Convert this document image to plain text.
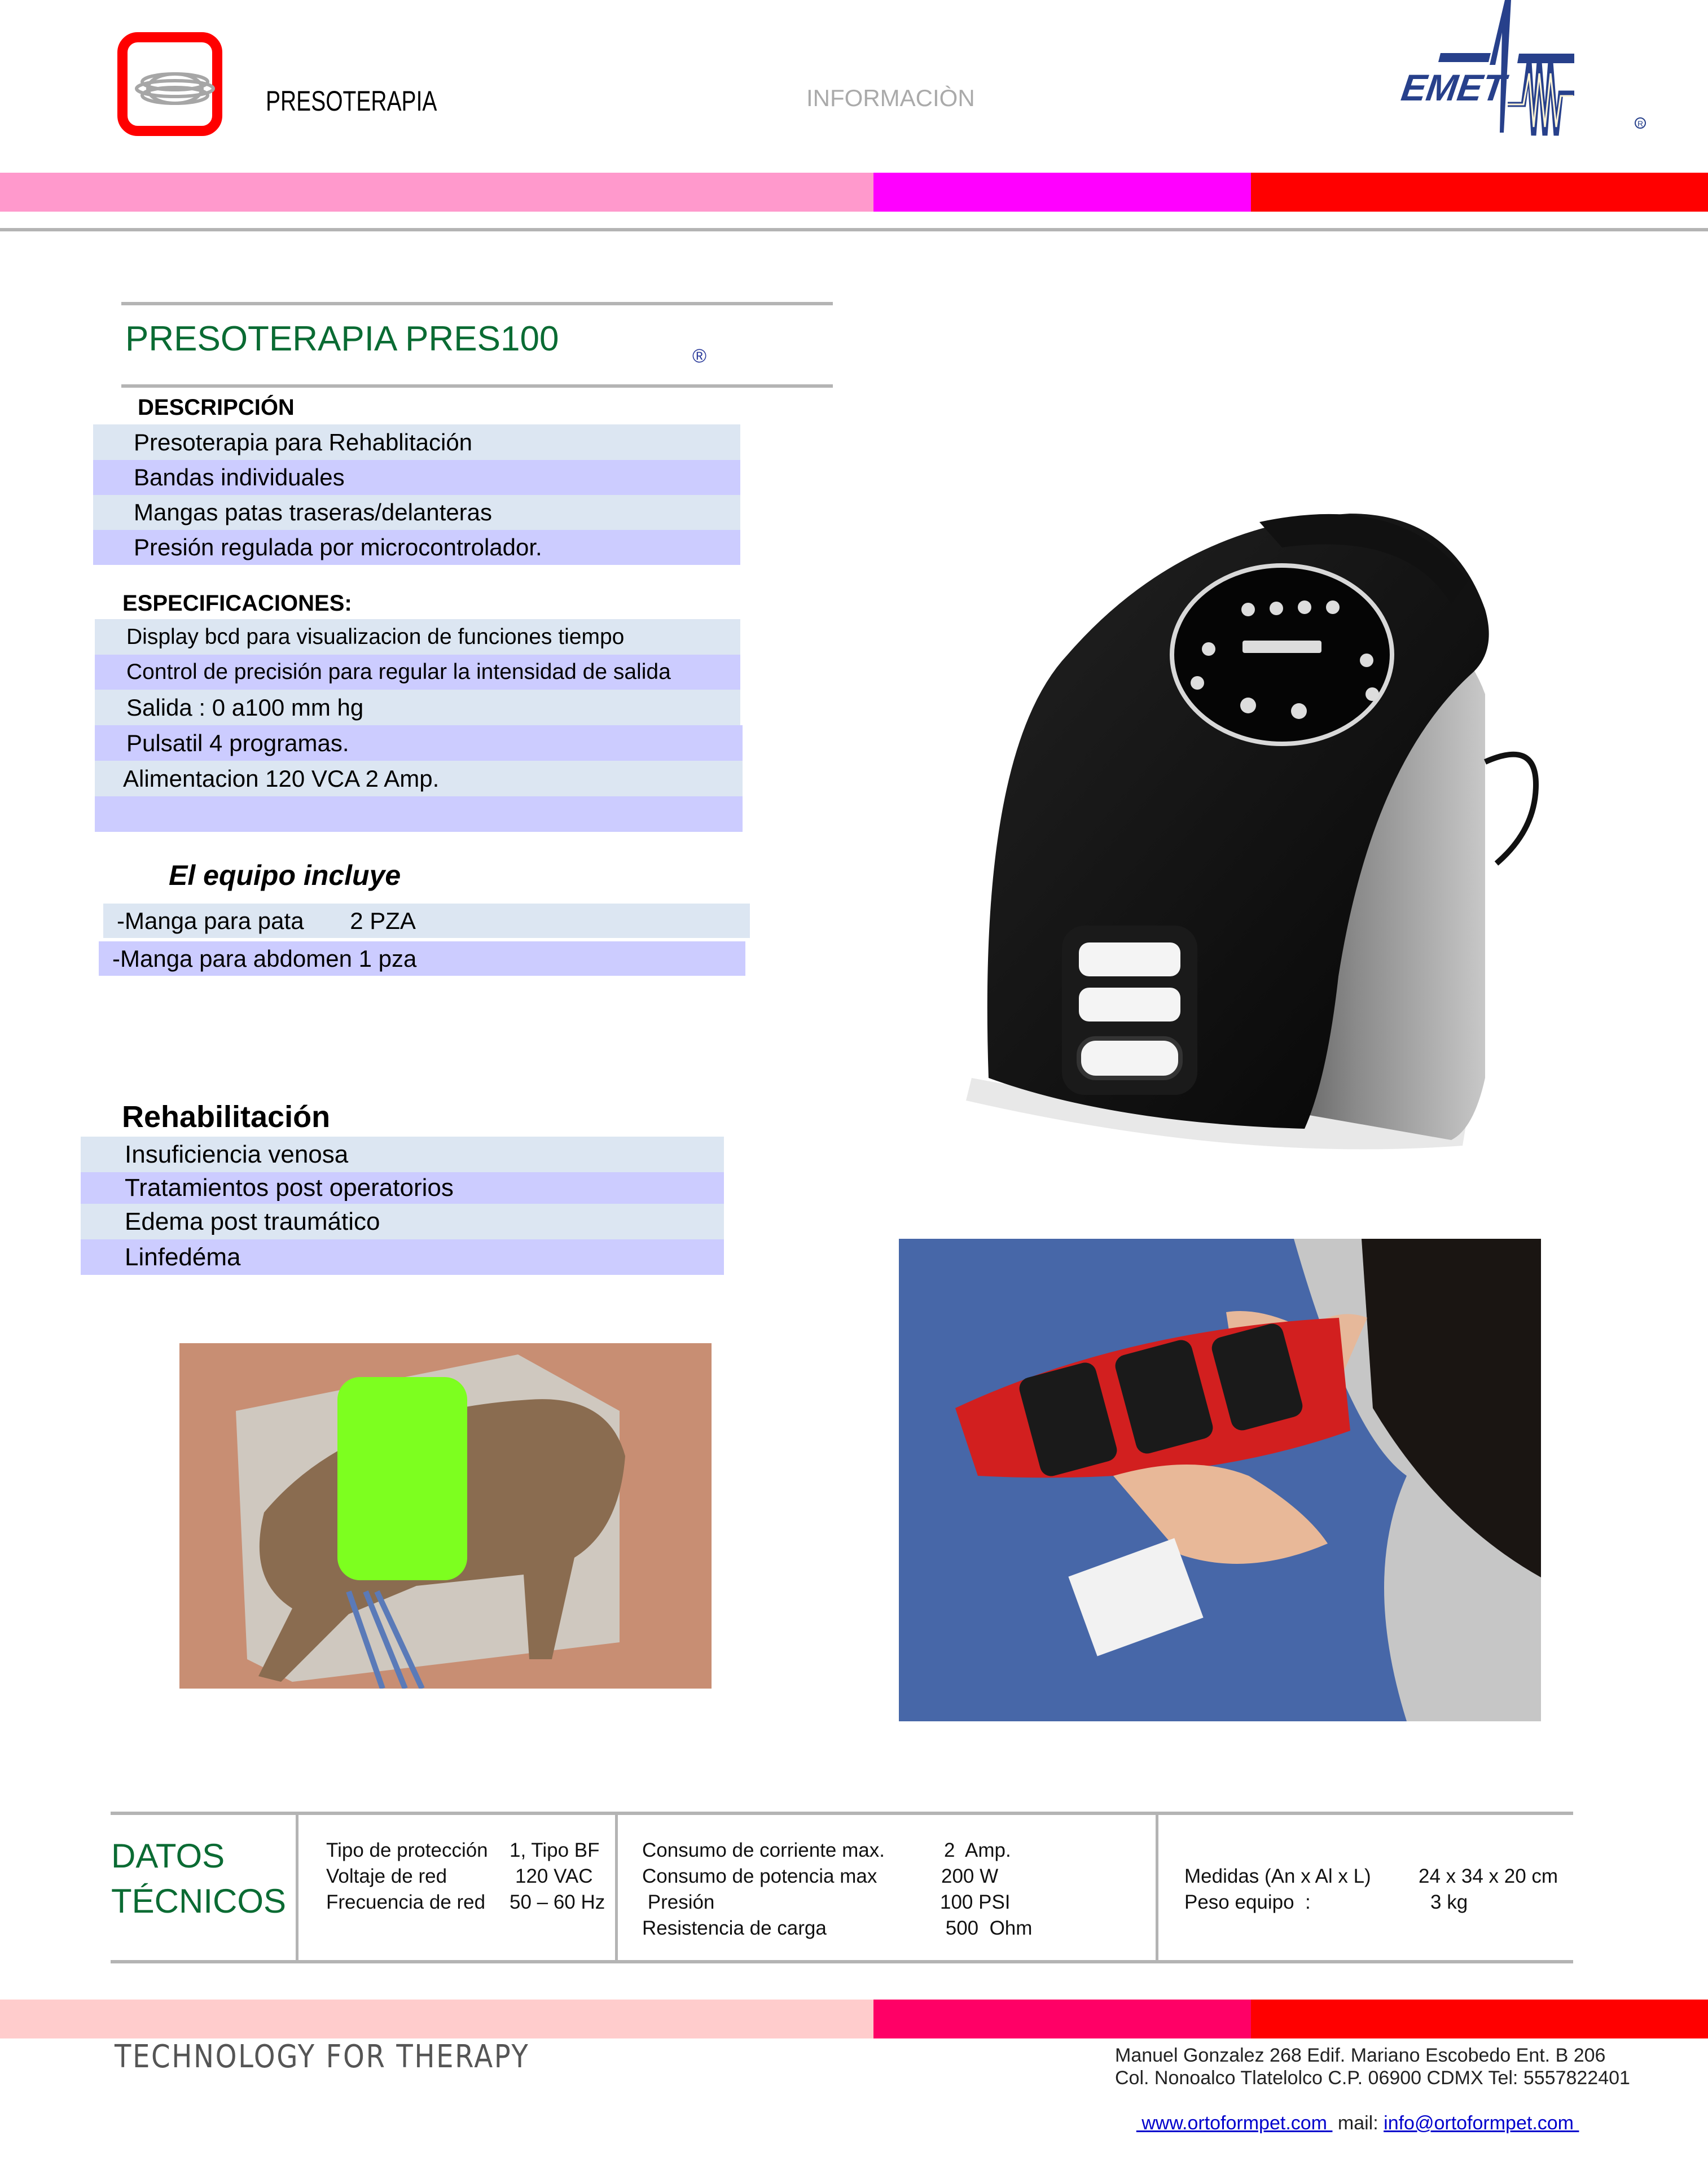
PRESOTERAPIA	INFORMACIÒN	EMET
R
PRESOTERAPIA PRES100	®
DESCRIPCIÓN
Presoterapia para Rehablitación
Bandas individuales
Mangas patas traseras/delanteras
Presión regulada por microcontrolador.
ESPECIFICACIONES:
Display bcd para visualizacion de funciones tiempo
Control de precisión para regular la intensidad de salida
Salida : 0 a100 mm hg
Pulsatil 4 programas.
Alimentacion 120 VCA 2 Amp.
El equipo incluye
-Manga para pata       2 PZA
-Manga para abdomen 1 pza
Rehabilitación
Insuficiencia venosa
Tratamientos post operatorios
Edema post traumático
Linfedéma
DATOS
TÉCNICOS
Tipo de protección 1, Tipo BF
Voltaje de red	120 VAC
Frecuencia de red 50 – 60 Hz
Consumo de corriente max.	2  Amp.
Consumo de potencia max	200 W
Presión	100 PSI
Resistencia de carga	500  Ohm
Medidas (An x Al x L) 24 x 34 x 20 cm
Peso equipo  :	3 kg
TECHNOLOGY FOR THERAPY	Manuel Gonzalez 268 Edif. Mariano Escobedo Ent. B 206
Col. Nonoalco Tlatelolco C.P. 06900 CDMX Tel: 5557822401

www.ortoformpet.com  mail: info@ortoformpet.com
